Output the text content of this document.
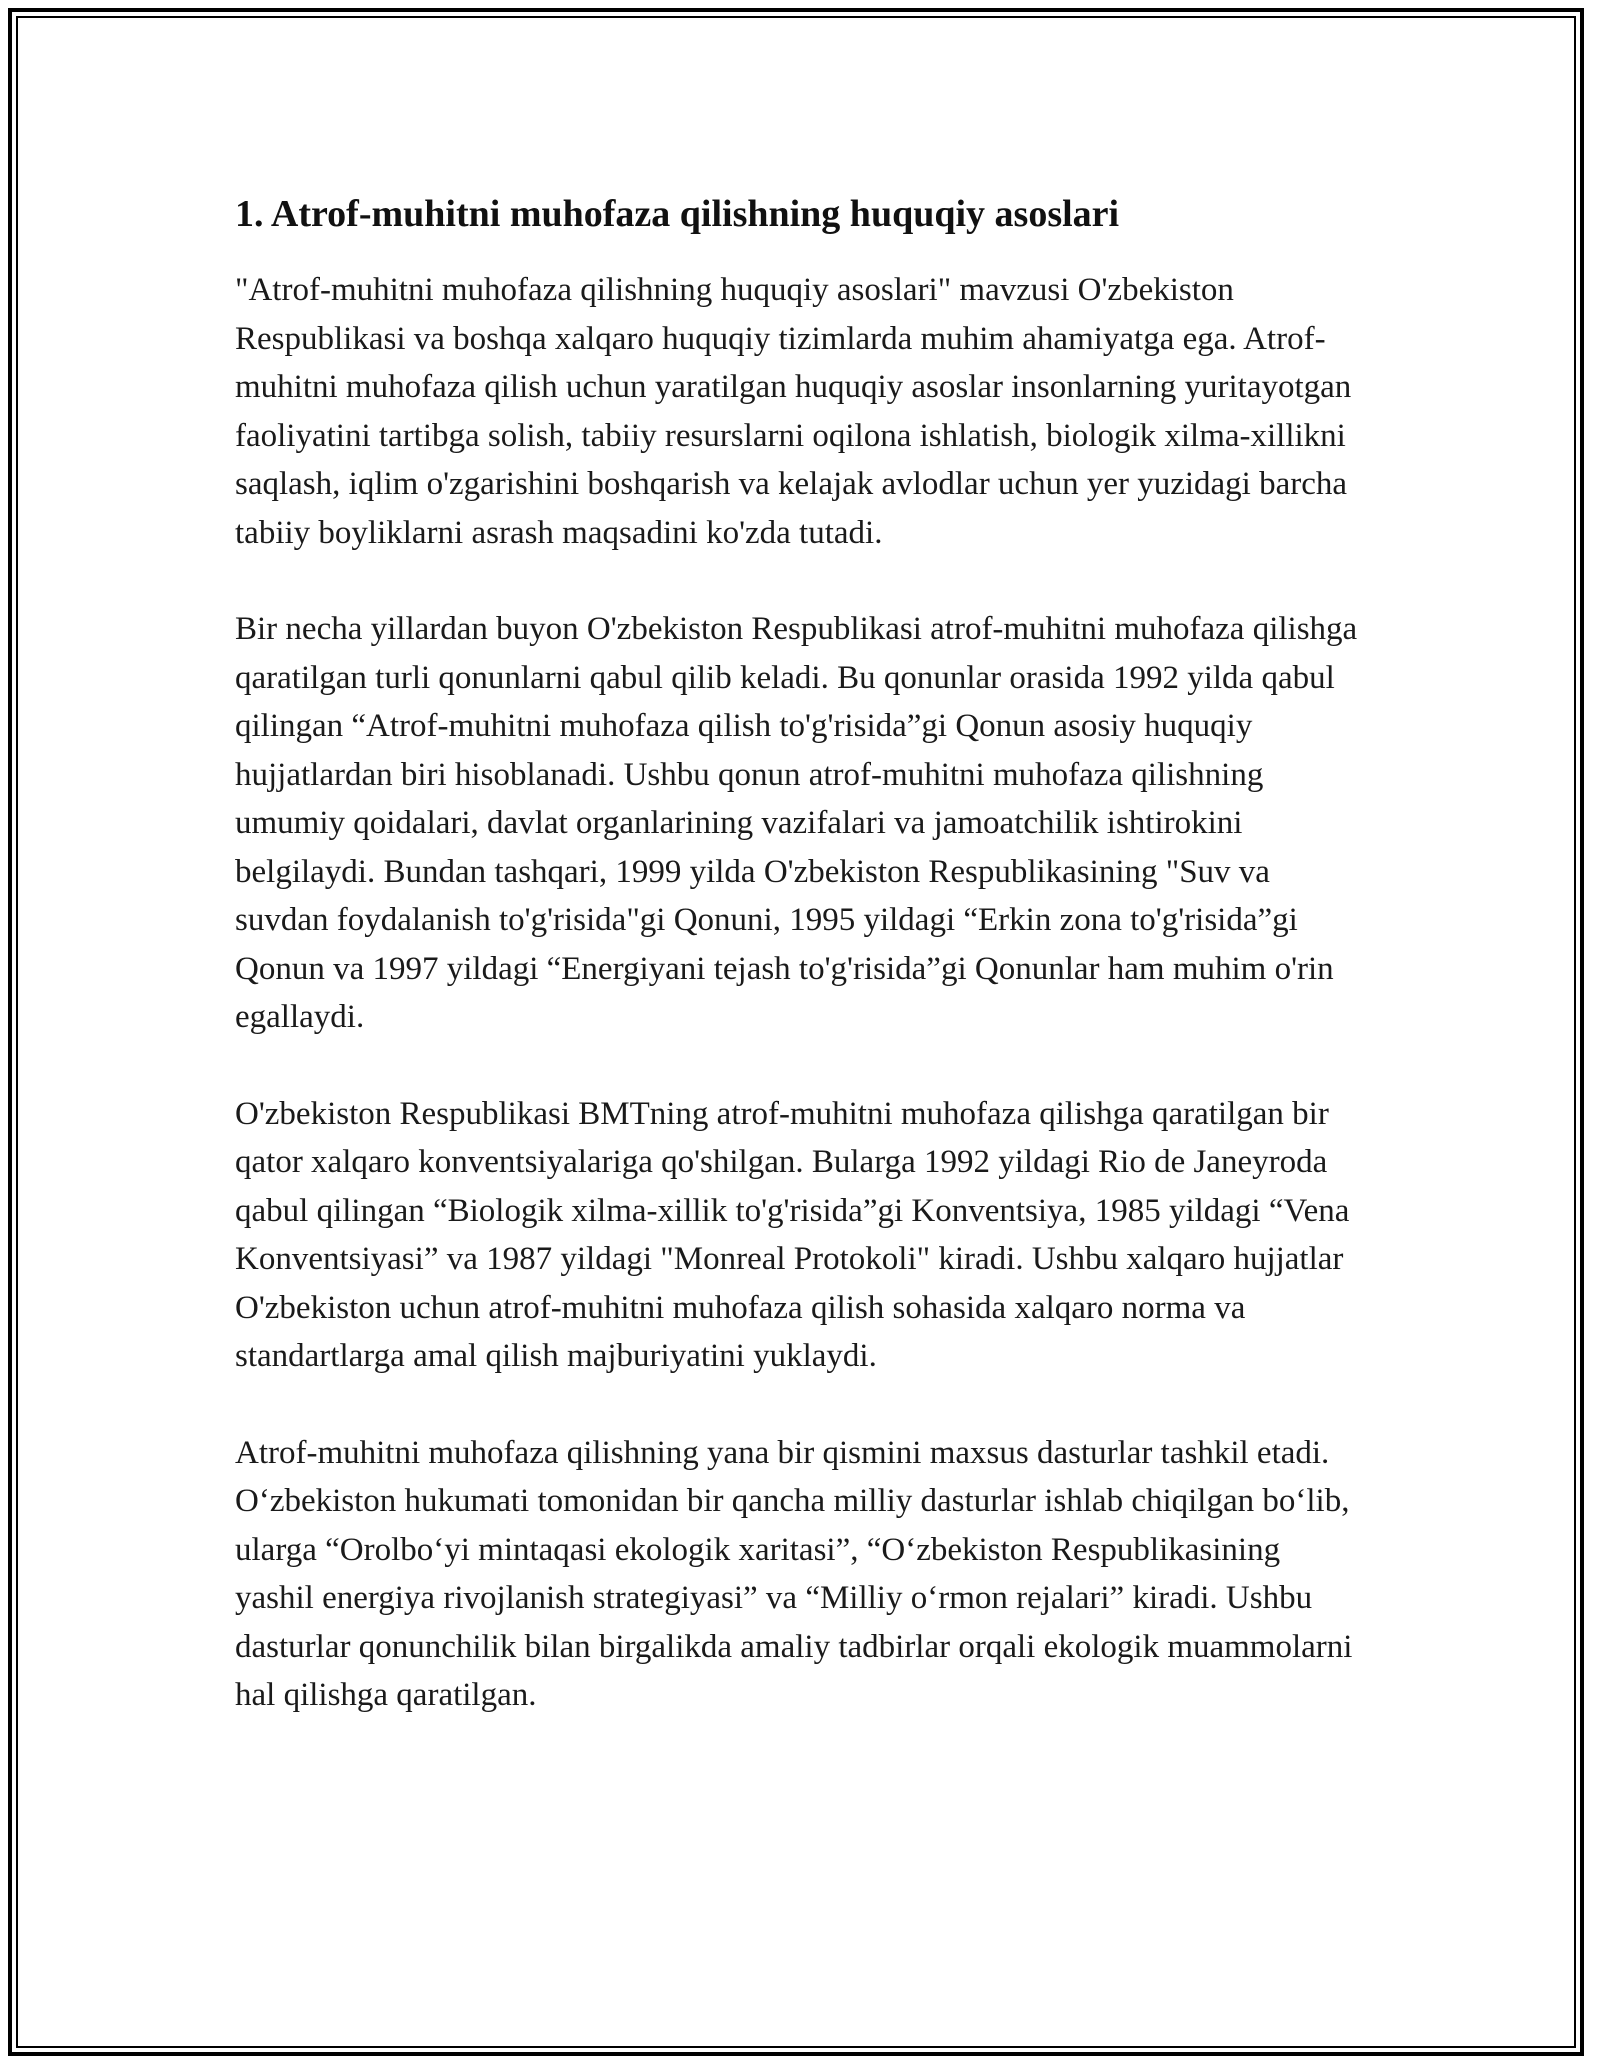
1. Atrof-muhitni muhofaza qilishning huquqiy asoslari

"Atrof-muhitni muhofaza qilishning huquqiy asoslari" mavzusi O'zbekiston Respublikasi va boshqa xalqaro huquqiy tizimlarda muhim ahamiyatga ega. Atrof-muhitni muhofaza qilish uchun yaratilgan huquqiy asoslar insonlarning yuritayotgan faoliyatini tartibga solish, tabiiy resurslarni oqilona ishlatish, biologik xilma-xillikni saqlash, iqlim o'zgarishini boshqarish va kelajak avlodlar uchun yer yuzidagi barcha tabiiy boyliklarni asrash maqsadini ko'zda tutadi.

Bir necha yillardan buyon O'zbekiston Respublikasi atrof-muhitni muhofaza qilishga qaratilgan turli qonunlarni qabul qilib keladi. Bu qonunlar orasida 1992 yilda qabul qilingan “Atrof-muhitni muhofaza qilish to'g'risida”gi Qonun asosiy huquqiy hujjatlardan biri hisoblanadi. Ushbu qonun atrof-muhitni muhofaza qilishning umumiy qoidalari, davlat organlarining vazifalari va jamoatchilik ishtirokini belgilaydi. Bundan tashqari, 1999 yilda O'zbekiston Respublikasining "Suv va suvdan foydalanish to'g'risida"gi Qonuni, 1995 yildagi “Erkin zona to'g'risida”gi Qonun va 1997 yildagi “Energiyani tejash to'g'risida”gi Qonunlar ham muhim o'rin egallaydi.

O'zbekiston Respublikasi BMTning atrof-muhitni muhofaza qilishga qaratilgan bir qator xalqaro konventsiyalariga qo'shilgan. Bularga 1992 yildagi Rio de Janeyroda qabul qilingan “Biologik xilma-xillik to'g'risida”gi Konventsiya, 1985 yildagi “Vena Konventsiyasi” va 1987 yildagi "Monreal Protokoli" kiradi. Ushbu xalqaro hujjatlar O'zbekiston uchun atrof-muhitni muhofaza qilish sohasida xalqaro norma va standartlarga amal qilish majburiyatini yuklaydi.

Atrof-muhitni muhofaza qilishning yana bir qismini maxsus dasturlar tashkil etadi. O‘zbekiston hukumati tomonidan bir qancha milliy dasturlar ishlab chiqilgan bo‘lib, ularga “Orolbo‘yi mintaqasi ekologik xaritasi”, “O‘zbekiston Respublikasining yashil energiya rivojlanish strategiyasi” va “Milliy o‘rmon rejalari” kiradi. Ushbu dasturlar qonunchilik bilan birgalikda amaliy tadbirlar orqali ekologik muammolarni hal qilishga qaratilgan.
